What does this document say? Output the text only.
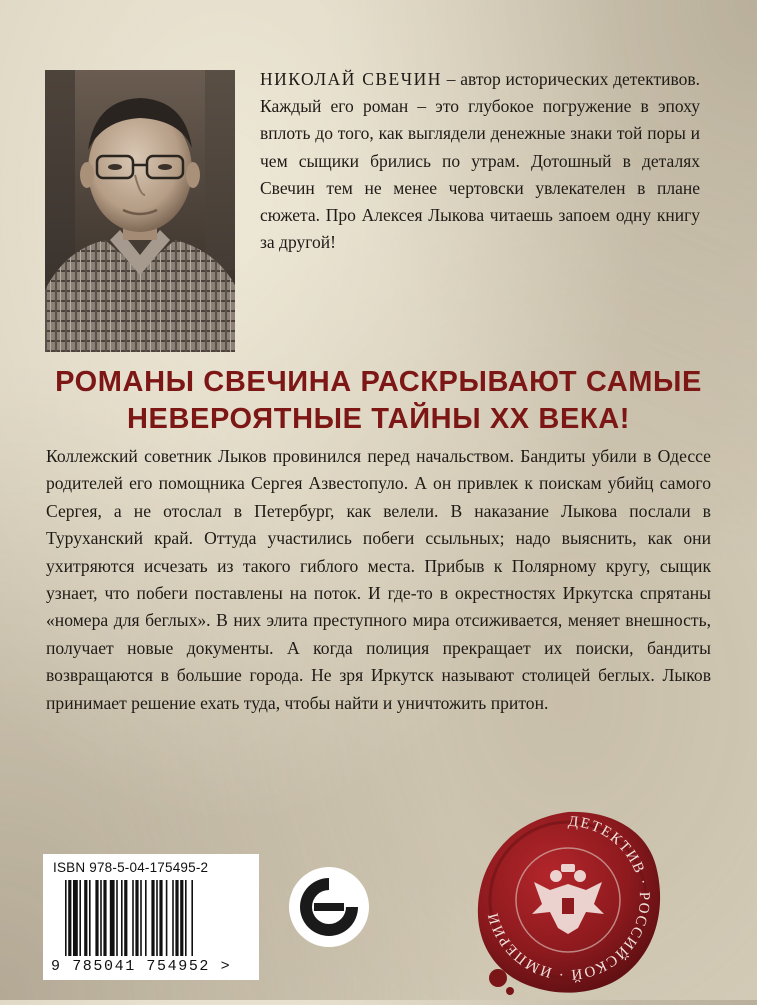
НИКОЛАЙ СВЕЧИН – автор исторических детективов. Каждый его роман – это глубокое погружение в эпоху вплоть до того, как выглядели денежные знаки той поры и чем сыщики брились по утрам. Дотошный в деталях Свечин тем не менее чертовски увлекателен в плане сюжета. Про Алексея Лыкова читаешь запоем одну книгу за другой!

РОМАНЫ СВЕЧИНА РАСКРЫВАЮТ САМЫЕ
НЕВЕРОЯТНЫЕ ТАЙНЫ XX ВЕКА!

Коллежский советник Лыков провинился перед начальством. Бандиты убили в Одессе родителей его помощника Сергея Азвестопуло. А он привлек к поискам убийц самого Сергея, а не отослал в Петербург, как велели. В наказание Лыкова послали в Туруханский край. Оттуда участились побеги ссыльных; надо выяснить, как они ухитряются исчезать из такого гиблого места. Прибыв к Полярному кругу, сыщик узнает, что побеги поставлены на поток. И где-то в окрестностях Иркутска спрятаны «номера для беглых». В них элита преступного мира отсиживается, меняет внешность, получает новые документы. А когда полиция прекращает их поиски, бандиты возвращаются в большие города. Не зря Иркутск называют столицей беглых. Лыков принимает решение ехать туда, чтобы найти и уничтожить притон.

ISBN 978-5-04-175495-2
9 785041 754952 >
ДЕТЕКТИВ · РОССИЙСКОЙ · ИМПЕРИИ
